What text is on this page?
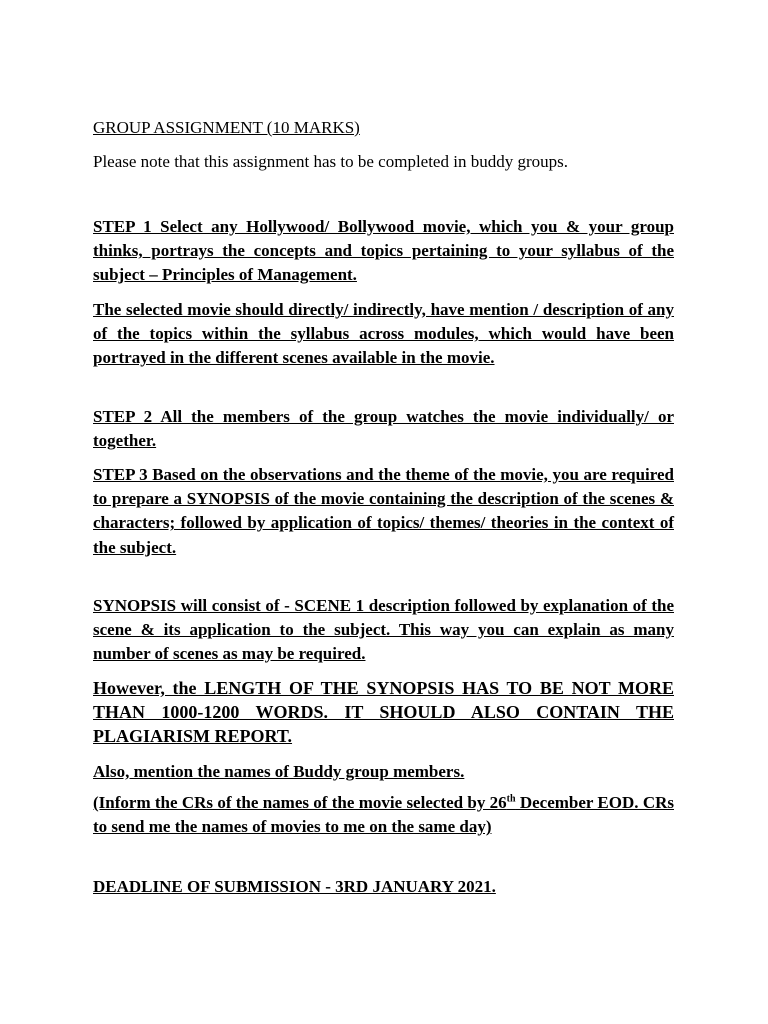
GROUP ASSIGNMENT (10 MARKS)

Please note that this assignment has to be completed in buddy groups.

STEP 1 Select any Hollywood/ Bollywood movie, which you & your group thinks, portrays the concepts and topics pertaining to your syllabus of the subject – Principles of Management.

The selected movie should directly/ indirectly, have mention / description of any of the topics within the syllabus across modules, which would have been portrayed in the different scenes available in the movie.

STEP 2 All the members of the group watches the movie individually/ or together.

STEP 3 Based on the observations and the theme of the movie, you are required to prepare a SYNOPSIS of the movie containing the description of the scenes & characters; followed by application of topics/ themes/ theories in the context of the subject.

SYNOPSIS will consist of - SCENE 1 description followed by explanation of the scene & its application to the subject. This way you can explain as many number of scenes as may be required.

However, the LENGTH OF THE SYNOPSIS HAS TO BE NOT MORE THAN 1000-1200 WORDS. IT SHOULD ALSO CONTAIN THE PLAGIARISM REPORT.

Also, mention the names of Buddy group members.

(Inform the CRs of the names of the movie selected by 26th December EOD. CRs to send me the names of movies to me on the same day)

DEADLINE OF SUBMISSION - 3RD JANUARY 2021.
